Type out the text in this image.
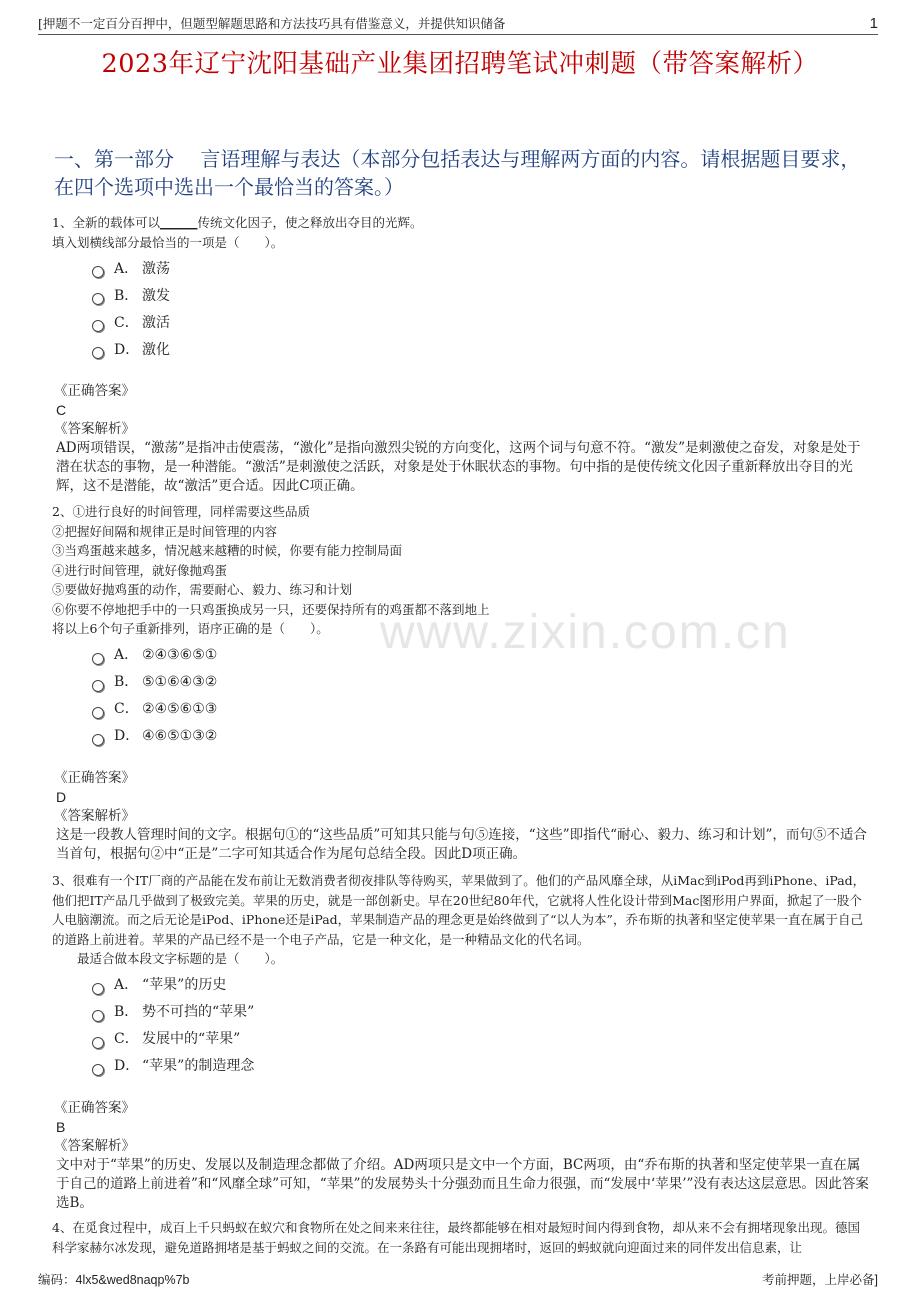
[押题不一定百分百押中，但题型解题思路和方法技巧具有借鉴意义，并提供知识储备	1
www.zixin.com.cn
2023年辽宁沈阳基础产业集团招聘笔试冲刺题（带答案解析）
一、第一部分　 言语理解与表达（本部分包括表达与理解两方面的内容。请根据题目要求，在四个选项中选出一个最恰当的答案。）

1、全新的载体可以______传统文化因子，使之释放出夺目的光辉。

填入划横线部分最恰当的一项是（　　）。

A． 激荡
B． 激发
C． 激活
D． 激化
《正确答案》
C
《答案解析》
AD两项错误，“激荡”是指冲击使震荡，“激化”是指向激烈尖锐的方向变化，这两个词与句意不符。“激发”是刺激使之奋发，对象是处于潜在状态的事物，是一种潜能。“激活”是刺激使之活跃，对象是处于休眠状态的事物。句中指的是使传统文化因子重新释放出夺目的光辉，这不是潜能，故“激活”更合适。因此C项正确。

2、①进行良好的时间管理，同样需要这些品质

②把握好间隔和规律正是时间管理的内容

③当鸡蛋越来越多，情况越来越糟的时候，你要有能力控制局面

④进行时间管理，就好像抛鸡蛋

⑤要做好抛鸡蛋的动作，需要耐心、毅力、练习和计划

⑥你要不停地把手中的一只鸡蛋换成另一只，还要保持所有的鸡蛋都不落到地上

将以上6个句子重新排列，语序正确的是（　　）。

A． ②④③⑥⑤①
B． ⑤①⑥④③②
C． ②④⑤⑥①③
D． ④⑥⑤①③②
《正确答案》
D
《答案解析》
这是一段教人管理时间的文字。根据句①的“这些品质”可知其只能与句⑤连接，“这些”即指代“耐心、毅力、练习和计划”，而句⑤不适合当首句，根据句②中“正是”二字可知其适合作为尾句总结全段。因此D项正确。

3、很难有一个IT厂商的产品能在发布前让无数消费者彻夜排队等待购买，苹果做到了。他们的产品风靡全球，从iMac到iPod再到iPhone、iPad，他们把IT产品几乎做到了极致完美。苹果的历史，就是一部创新史。早在20世纪80年代，它就将人性化设计带到Mac图形用户界面，掀起了一股个人电脑潮流。而之后无论是iPod、iPhone还是iPad，苹果制造产品的理念更是始终做到了“以人为本”，乔布斯的执著和坚定使苹果一直在属于自己的道路上前进着。苹果的产品已经不是一个电子产品，它是一种文化，是一种精品文化的代名词。

最适合做本段文字标题的是（　　）。

A． “苹果”的历史
B． 势不可挡的“苹果”
C． 发展中的“苹果”
D． “苹果”的制造理念
《正确答案》
B
《答案解析》
文中对于“苹果”的历史、发展以及制造理念都做了介绍。AD两项只是文中一个方面，BC两项，由“乔布斯的执著和坚定使苹果一直在属于自己的道路上前进着”和“风靡全球”可知，“苹果”的发展势头十分强劲而且生命力很强，而“发展中‘苹果’”没有表达这层意思。因此答案选B。

4、在觅食过程中，成百上千只蚂蚁在蚁穴和食物所在处之间来来往往，最终都能够在相对最短时间内得到食物，却从来不会有拥堵现象出现。德国科学家赫尔冰发现，避免道路拥堵是基于蚂蚁之间的交流。在一条路有可能出现拥堵时，返回的蚂蚁就向迎面过来的同伴发出信息素，让

编码：4lx5&wed8naqp%7b	考前押题，上岸必备]
